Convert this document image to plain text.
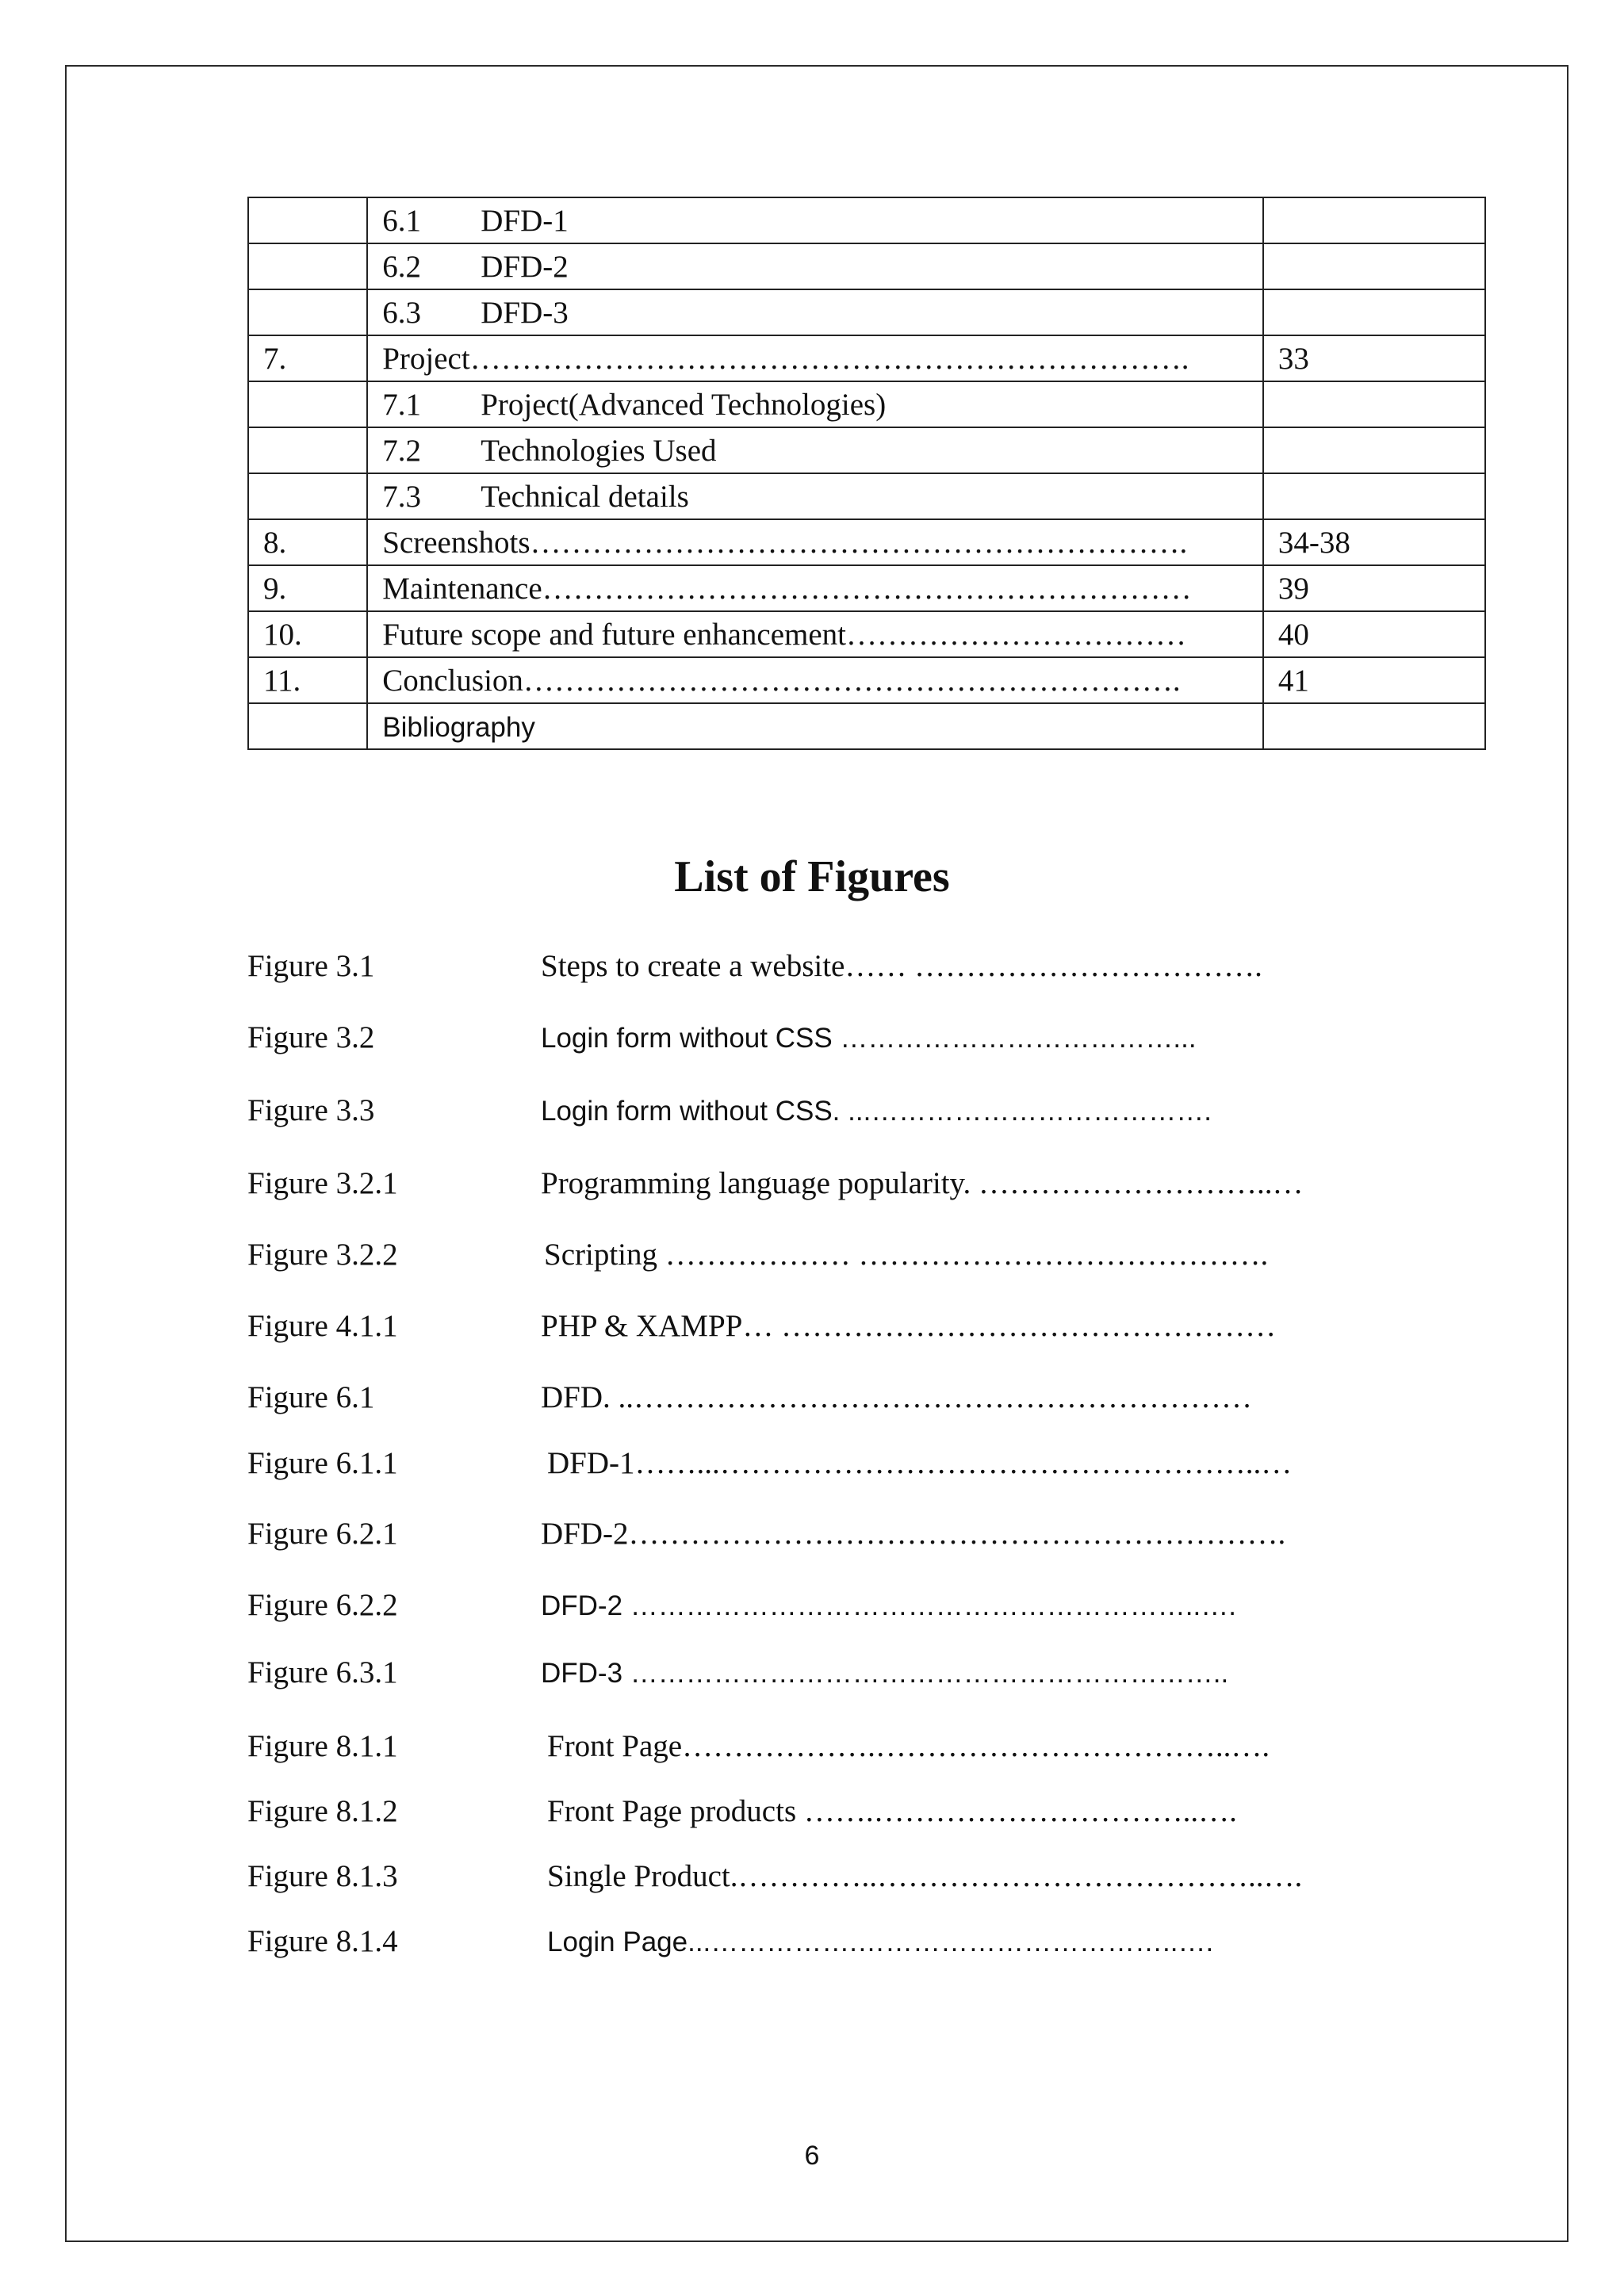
	6.1 DFD-1	
	6.2 DFD-2	
	6.3 DFD-3	
7.	Project…………………………………………………………….	33
	7.1 Project(Advanced Technologies)	
	7.2 Technologies Used	
	7.3 Technical details	
8.	Screenshots……………………………………………………….	34-38
9.	Maintenance………………………………………………………	39
10.	Future scope and future enhancement……………………………	40
11.	Conclusion……………………………………………………….	41
	Bibliography	
List of Figures
Figure 3.1	Steps to create a website…… …………………………….
Figure 3.2	Login form without CSS ………………………………...
Figure 3.3	Login form without CSS. ...……………………………….
Figure 3.2.1	Programming language popularity. ………………………..…
Figure 3.2.2	Scripting ……………… ………………………………….
Figure 4.1.1	PHP & XAMPP… …………………………………………
Figure 6.1	DFD. ..……………………………………………………
Figure 6.1.1	DFD-1……...……………………………………………..…
Figure 6.2.1	DFD-2……………………………………………………….
Figure 6.2.2	DFD-2 ……………………………………………………..….
Figure 6.3.1	DFD-3 ………………………………………………………..
Figure 8.1.1	Front Page……………….……………………………..….
Figure 8.1.2	Front Page products …….…………………………..….
Figure 8.1.3	Single Product.…………..………………………………..….
Figure 8.1.4	Login Page...…………….……………………………..….
6
